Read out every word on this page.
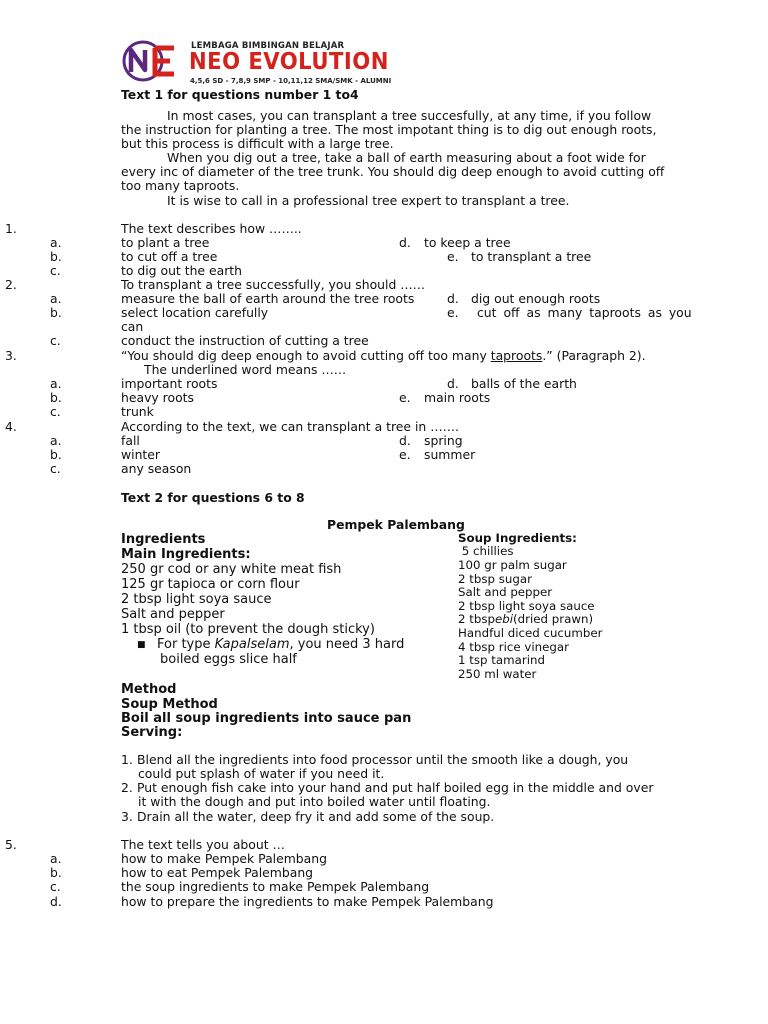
LEMBAGA BIMBINGAN BELAJAR
NEO EVOLUTION
4,5,6 SD - 7,8,9 SMP - 10,11,12 SMA/SMK - ALUMNI
Text 1 for questions number 1 to4
In most cases, you can transplant a tree succesfully, at any time, if you follow
the instruction for planting a tree. The most impotant thing is to dig out enough roots,
but this process is difficult with a large tree.
When you dig out a tree, take a ball of earth measuring about a foot wide for
every inc of diameter of the tree trunk. You should dig deep enough to avoid cutting off
too many taproots.
It is wise to call in a professional tree expert to transplant a tree.
1.	The text describes how ……..
a.	to plant a tree	d. to keep a tree
b.	to cut off a tree	e. to transplant a tree
c.	to dig out the earth
2.	To transplant a tree successfully, you should ……
a.	measure the ball of earth around the tree roots	d. dig out enough roots
b.	select location carefully	e. cut off as many taproots as you
can
c.	conduct the instruction of cutting a tree
3.	“You should dig deep enough to avoid cutting off too many taproots.” (Paragraph 2).
The underlined word means ……
a.	important roots	d. balls of the earth
b.	heavy roots	e. main roots
c.	trunk
4.	According to the text, we can transplant a tree in …….
a.	fall	d. spring
b.	winter	e. summer
c.	any season
Text 2 for questions 6 to 8
Pempek Palembang
Ingredients
Main Ingredients:
250 gr cod or any white meat fish
125 gr tapioca or corn flour
2 tbsp light soya sauce
Salt and pepper
1 tbsp oil (to prevent the dough sticky)
■ For type Kapalselam, you need 3 hard
boiled eggs slice half
Soup Ingredients:
5 chillies
100 gr palm sugar
2 tbsp sugar
Salt and pepper
2 tbsp light soya sauce
2 tbspebi(dried prawn)
Handful diced cucumber
4 tbsp rice vinegar
1 tsp tamarind
250 ml water
Method
Soup Method
Boil all soup ingredients into sauce pan
Serving:
1. Blend all the ingredients into food processor until the smooth like a dough, you
could put splash of water if you need it.
2. Put enough fish cake into your hand and put half boiled egg in the middle and over
it with the dough and put into boiled water until floating.
3. Drain all the water, deep fry it and add some of the soup.
5.	The text tells you about …
a.	how to make Pempek Palembang
b.	how to eat Pempek Palembang
c.	the soup ingredients to make Pempek Palembang
d.	how to prepare the ingredients to make Pempek Palembang
